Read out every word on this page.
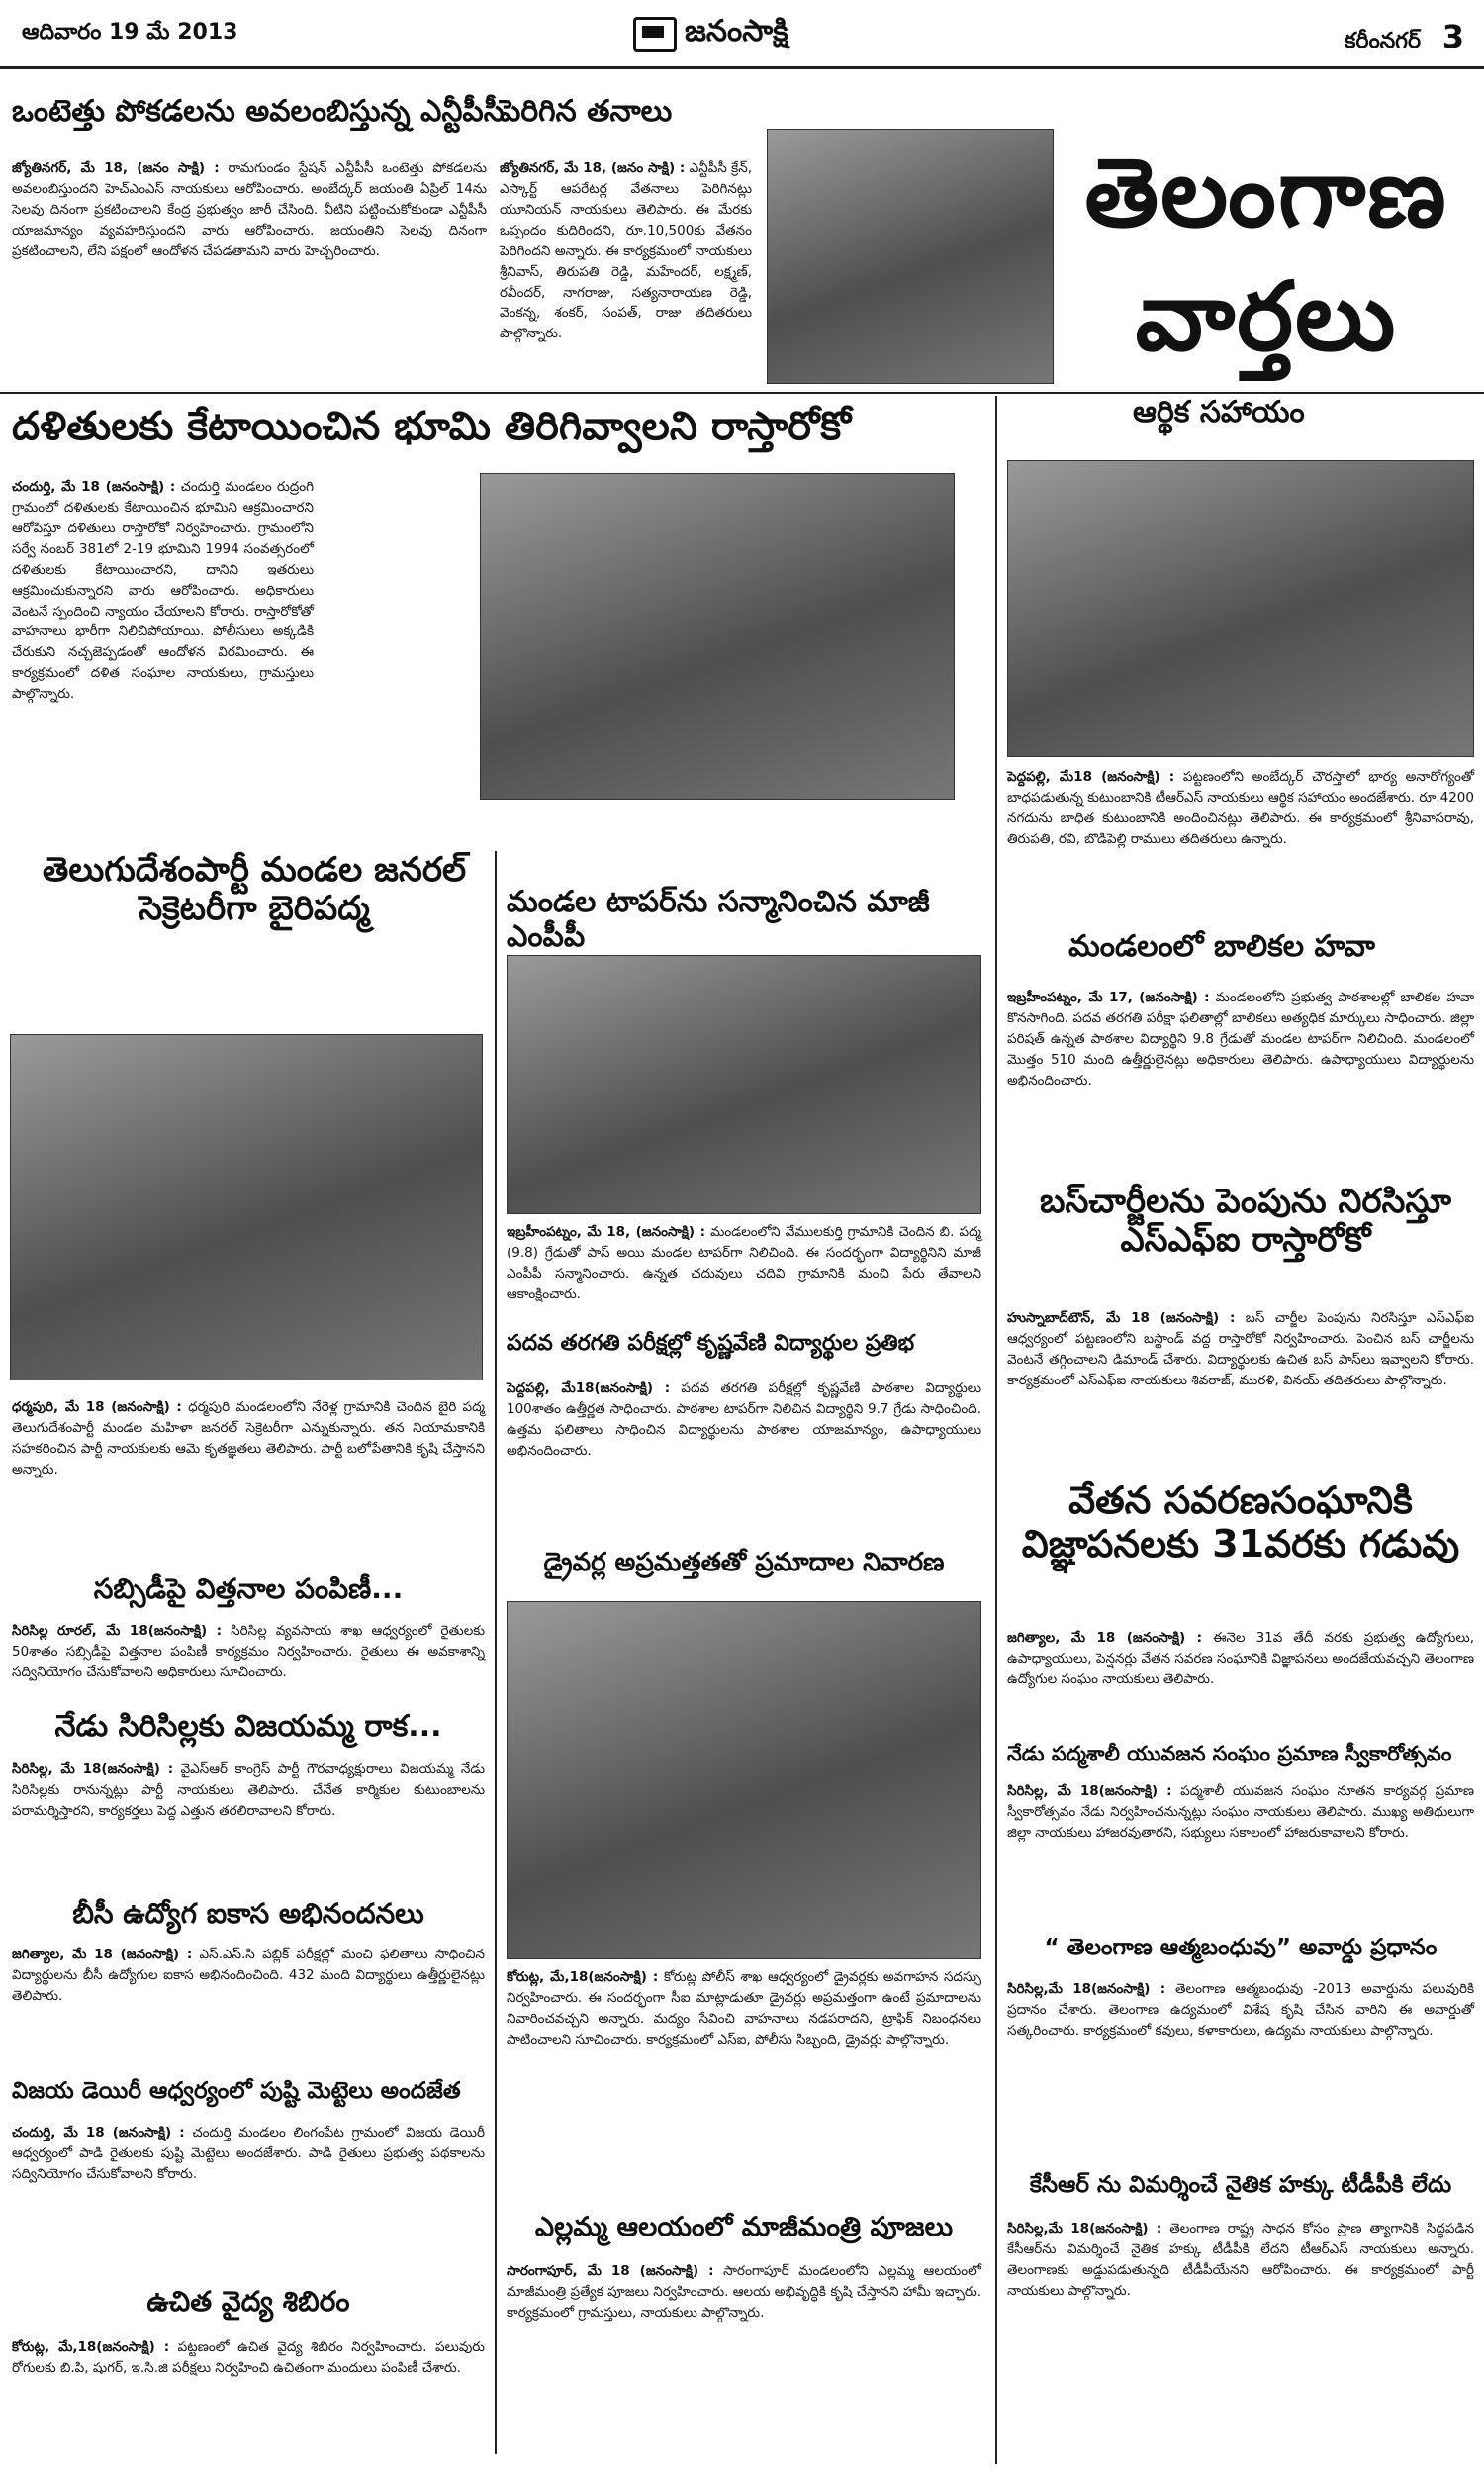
ఆదివారం 19 మే 2013	జనంసాక్షి	కరీంనగర్ 3
ఒంటెత్తు పోకడలను అవలంబిస్తున్న ఎన్టీపీసీ
జ్యోతినగర్, మే 18, (జనం సాక్షి) : రామగుండం స్టేషన్ ఎన్టీపీసీ ఒంటెత్తు పోకడలను అవలంబిస్తుందని హెచ్ఎంఎస్ నాయకులు ఆరోపించారు. అంబేద్కర్ జయంతి ఏప్రిల్ 14ను సెలవు దినంగా ప్రకటించాలని కేంద్ర ప్రభుత్వం జారీ చేసింది. వీటిని పట్టించుకోకుండా ఎన్టీపీసీ యాజమాన్యం వ్యవహరిస్తుందని వారు ఆరోపించారు. జయంతిని సెలవు దినంగా ప్రకటించాలని, లేని పక్షంలో ఆందోళన చేపడతామని వారు హెచ్చరించారు.
పెరిగిన తనాలు
జ్యోతినగర్, మే 18, (జనం సాక్షి) : ఎన్టీపీసీ క్రేన్, ఎస్కార్ట్ ఆపరేటర్ల వేతనాలు పెరిగినట్లు యూనియన్ నాయకులు తెలిపారు. ఈ మేరకు ఒప్పందం కుదిరిందని, రూ.10,500కు వేతనం పెరిగిందని అన్నారు. ఈ కార్యక్రమంలో నాయకులు శ్రీనివాస్, తిరుపతి రెడ్డి, మహేందర్, లక్ష్మణ్, రవీందర్, నాగరాజు, సత్యనారాయణ రెడ్డి, వెంకన్న, శంకర్, సంపత్, రాజు తదితరులు పాల్గొన్నారు.
తెలంగాణ
వార్తలు
దళితులకు కేటాయించిన భూమి తిరిగివ్వాలని రాస్తారోకో
చందుర్తి, మే 18 (జనంసాక్షి) : చందుర్తి మండలం రుద్రంగి గ్రామంలో దళితులకు కేటాయించిన భూమిని ఆక్రమించారని ఆరోపిస్తూ దళితులు రాస్తారోకో నిర్వహించారు. గ్రామంలోని సర్వే నంబర్ 381లో 2-19 భూమిని 1994 సంవత్సరంలో దళితులకు కేటాయించారని, దానిని ఇతరులు ఆక్రమించుకున్నారని వారు ఆరోపించారు. అధికారులు వెంటనే స్పందించి న్యాయం చేయాలని కోరారు. రాస్తారోకోతో వాహనాలు భారీగా నిలిచిపోయాయి. పోలీసులు అక్కడికి చేరుకుని నచ్చజెప్పడంతో ఆందోళన విరమించారు. ఈ కార్యక్రమంలో దళిత సంఘాల నాయకులు, గ్రామస్తులు పాల్గొన్నారు.
ఆర్థిక సహాయం
పెద్దపల్లి, మే18 (జనంసాక్షి) : పట్టణంలోని అంబేద్కర్ చౌరస్తాలో భార్య అనారోగ్యంతో బాధపడుతున్న కుటుంబానికి టీఆర్ఎస్ నాయకులు ఆర్థిక సహాయం అందజేశారు. రూ.4200 నగదును బాధిత కుటుంబానికి అందించినట్లు తెలిపారు. ఈ కార్యక్రమంలో శ్రీనివాసరావు, తిరుపతి, రవి, బొడిపెల్లి రాములు తదితరులు ఉన్నారు.
తెలుగుదేశంపార్టీ మండల జనరల్ సెక్రెటరీగా బైరిపద్మ
ధర్మపురి, మే 18 (జనంసాక్షి) : ధర్మపురి మండలంలోని నేరెళ్ల గ్రామానికి చెందిన బైరి పద్మ తెలుగుదేశంపార్టీ మండల మహిళా జనరల్ సెక్రెటరీగా ఎన్నుకున్నారు. తన నియామకానికి సహకరించిన పార్టీ నాయకులకు ఆమె కృతజ్ఞతలు తెలిపారు. పార్టీ బలోపేతానికి కృషి చేస్తానని అన్నారు.
మండల టాపర్‌ను సన్మానించిన మాజీ ఎంపీపీ
ఇబ్రహీంపట్నం, మే 18, (జనంసాక్షి) : మండలంలోని వేములకుర్తి గ్రామానికి చెందిన బి. పద్మ (9.8) గ్రేడుతో పాస్ అయి మండల టాపర్‌గా నిలిచింది. ఈ సందర్భంగా విద్యార్థినిని మాజీ ఎంపీపీ సన్మానించారు. ఉన్నత చదువులు చదివి గ్రామానికి మంచి పేరు తేవాలని ఆకాంక్షించారు.
మండలంలో బాలికల హవా
ఇబ్రహీంపట్నం, మే 17, (జనంసాక్షి) : మండలంలోని ప్రభుత్వ పాఠశాలల్లో బాలికల హవా కొనసాగింది. పదవ తరగతి పరీక్షా ఫలితాల్లో బాలికలు అత్యధిక మార్కులు సాధించారు. జిల్లా పరిషత్ ఉన్నత పాఠశాల విద్యార్థిని 9.8 గ్రేడుతో మండల టాపర్‌గా నిలిచింది. మండలంలో మొత్తం 510 మంది ఉత్తీర్ణులైనట్లు అధికారులు తెలిపారు. ఉపాధ్యాయులు విద్యార్థులను అభినందించారు.
బస్‌చార్జీలను పెంపును నిరసిస్తూ ఎస్‌ఎఫ్‌ఐ రాస్తారోకో
హుస్నాబాద్‌టౌన్, మే 18 (జనంసాక్షి) : బస్ చార్జీల పెంపును నిరసిస్తూ ఎస్‌ఎఫ్‌ఐ ఆధ్వర్యంలో పట్టణంలోని బస్టాండ్ వద్ద రాస్తారోకో నిర్వహించారు. పెంచిన బస్ చార్జీలను వెంటనే తగ్గించాలని డిమాండ్ చేశారు. విద్యార్థులకు ఉచిత బస్ పాస్‌లు ఇవ్వాలని కోరారు. కార్యక్రమంలో ఎస్‌ఎఫ్‌ఐ నాయకులు శివరాజ్, మురళి, వినయ్ తదితరులు పాల్గొన్నారు.
పదవ తరగతి పరీక్షల్లో కృష్ణవేణి విద్యార్థుల ప్రతిభ
పెద్దపల్లి, మే18(జనంసాక్షి) : పదవ తరగతి పరీక్షల్లో కృష్ణవేణి పాఠశాల విద్యార్థులు 100శాతం ఉత్తీర్ణత సాధించారు. పాఠశాల టాపర్‌గా నిలిచిన విద్యార్థిని 9.7 గ్రేడు సాధించింది. ఉత్తమ ఫలితాలు సాధించిన విద్యార్థులను పాఠశాల యాజమాన్యం, ఉపాధ్యాయులు అభినందించారు.
సబ్సిడీపై విత్తనాల పంపిణీ...
సిరిసిల్ల రూరల్, మే 18(జనంసాక్షి) : సిరిసిల్ల వ్యవసాయ శాఖ ఆధ్వర్యంలో రైతులకు 50శాతం సబ్సిడీపై విత్తనాల పంపిణీ కార్యక్రమం నిర్వహించారు. రైతులు ఈ అవకాశాన్ని సద్వినియోగం చేసుకోవాలని అధికారులు సూచించారు.
డ్రైవర్ల అప్రమత్తతతో ప్రమాదాల నివారణ
కోరుట్ల, మే,18(జనంసాక్షి) : కోరుట్ల పోలీస్ శాఖ ఆధ్వర్యంలో డ్రైవర్లకు అవగాహన సదస్సు నిర్వహించారు. ఈ సందర్భంగా సీఐ మాట్లాడుతూ డ్రైవర్లు అప్రమత్తంగా ఉంటే ప్రమాదాలను నివారించవచ్చని అన్నారు. మద్యం సేవించి వాహనాలు నడపరాదని, ట్రాఫిక్ నిబంధనలు పాటించాలని సూచించారు. కార్యక్రమంలో ఎస్ఐ, పోలీసు సిబ్బంది, డ్రైవర్లు పాల్గొన్నారు.
వేతన సవరణసంఘానికి విజ్ఞాపనలకు 31వరకు గడువు
జగిత్యాల, మే 18 (జనంసాక్షి) : ఈనెల 31వ తేదీ వరకు ప్రభుత్వ ఉద్యోగులు, ఉపాధ్యాయులు, పెన్షనర్లు వేతన సవరణ సంఘానికి విజ్ఞాపనలు అందజేయవచ్చని తెలంగాణ ఉద్యోగుల సంఘం నాయకులు తెలిపారు.
నేడు సిరిసిల్లకు విజయమ్మ రాక...
సిరిసిల్ల, మే 18(జనంసాక్షి) : వైఎస్‌ఆర్ కాంగ్రెస్ పార్టీ గౌరవాధ్యక్షురాలు విజయమ్మ నేడు సిరిసిల్లకు రానున్నట్లు పార్టీ నాయకులు తెలిపారు. చేనేత కార్మికుల కుటుంబాలను పరామర్శిస్తారని, కార్యకర్తలు పెద్ద ఎత్తున తరలిరావాలని కోరారు.
నేడు పద్మశాలీ యువజన సంఘం ప్రమాణ స్వీకారోత్సవం
సిరిసిల్ల, మే 18(జనంసాక్షి) : పద్మశాలీ యువజన సంఘం నూతన కార్యవర్గ ప్రమాణ స్వీకారోత్సవం నేడు నిర్వహించనున్నట్లు సంఘం నాయకులు తెలిపారు. ముఖ్య అతిథులుగా జిల్లా నాయకులు హాజరవుతారని, సభ్యులు సకాలంలో హాజరుకావాలని కోరారు.
బీసీ ఉద్యోగ ఐకాస అభినందనలు
జగిత్యాల, మే 18 (జనంసాక్షి) : ఎస్.ఎస్.సి పబ్లిక్ పరీక్షల్లో మంచి ఫలితాలు సాధించిన విద్యార్థులను బీసీ ఉద్యోగుల ఐకాస అభినందించింది. 432 మంది విద్యార్థులు ఉత్తీర్ణులైనట్లు తెలిపారు.
“ తెలంగాణ ఆత్మబంధువు” అవార్డు ప్రధానం
సిరిసిల్ల,మే 18(జనంసాక్షి) : తెలంగాణ ఆత్మబంధువు -2013 అవార్డును పలువురికి ప్రదానం చేశారు. తెలంగాణ ఉద్యమంలో విశేష కృషి చేసిన వారిని ఈ అవార్డుతో సత్కరించారు. కార్యక్రమంలో కవులు, కళాకారులు, ఉద్యమ నాయకులు పాల్గొన్నారు.
విజయ డెయిరీ ఆధ్వర్యంలో పుష్టి మెట్టెలు అందజేత
చందుర్తి, మే 18 (జనంసాక్షి) : చందుర్తి మండలం లింగంపేట గ్రామంలో విజయ డెయిరీ ఆధ్వర్యంలో పాడి రైతులకు పుష్టి మెట్టెలు అందజేశారు. పాడి రైతులు ప్రభుత్వ పథకాలను సద్వినియోగం చేసుకోవాలని కోరారు.
ఎల్లమ్మ ఆలయంలో మాజీమంత్రి పూజలు
సారంగాపూర్, మే 18 (జనంసాక్షి) : సారంగాపూర్ మండలంలోని ఎల్లమ్మ ఆలయంలో మాజీమంత్రి ప్రత్యేక పూజలు నిర్వహించారు. ఆలయ అభివృద్ధికి కృషి చేస్తానని హామీ ఇచ్చారు. కార్యక్రమంలో గ్రామస్తులు, నాయకులు పాల్గొన్నారు.
కేసీఆర్ ను విమర్శించే నైతిక హక్కు టీడీపీకి లేదు
సిరిసిల్ల,మే 18(జనంసాక్షి) : తెలంగాణ రాష్ట్ర సాధన కోసం ప్రాణ త్యాగానికి సిద్ధపడిన కేసీఆర్‌ను విమర్శించే నైతిక హక్కు టీడీపీకి లేదని టీఆర్ఎస్ నాయకులు అన్నారు. తెలంగాణకు అడ్డుపడుతున్నది టీడీపీయేనని ఆరోపించారు. ఈ కార్యక్రమంలో పార్టీ నాయకులు పాల్గొన్నారు.
ఉచిత వైద్య శిబిరం
కోరుట్ల, మే,18(జనంసాక్షి) : పట్టణంలో ఉచిత వైద్య శిబిరం నిర్వహించారు. పలువురు రోగులకు బి.పి, షుగర్, ఇ.సి.జి పరీక్షలు నిర్వహించి ఉచితంగా మందులు పంపిణీ చేశారు.
